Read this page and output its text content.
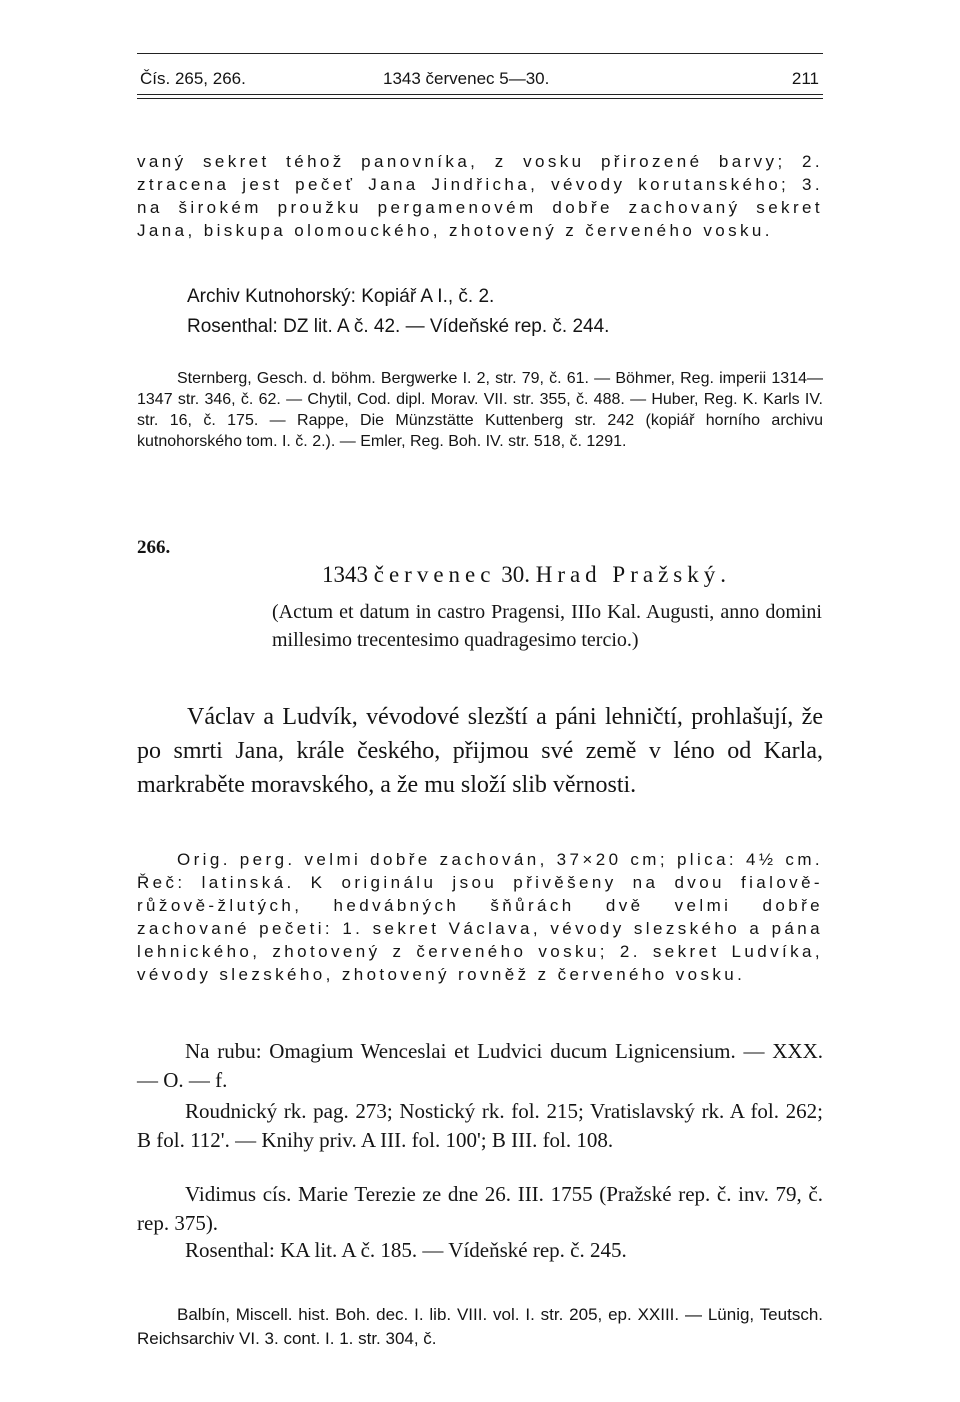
Čís. 265, 266.	1343 červenec 5—30.	211

vaný sekret téhož panovníka, z vosku přirozené barvy; 2. ztracena jest pečeť Jana Jindřicha, vévody korutanského; 3. na širokém proužku pergamenovém dobře zachovaný sekret Jana, biskupa olomouckého, zhotovený z červeného vosku.

Archiv Kutnohorský: Kopiář A I., č. 2.

Rosenthal: DZ lit. A č. 42. — Vídeňské rep. č. 244.

Sternberg, Gesch. d. böhm. Bergwerke I. 2, str. 79, č. 61. — Böhmer, Reg. imperii 1314—1347 str. 346, č. 62. — Chytil, Cod. dipl. Morav. VII. str. 355, č. 488. — Huber, Reg. K. Karls IV. str. 16, č. 175. — Rappe, Die Münzstätte Kuttenberg str. 242 (kopiář horního archivu kutnohorského tom. I. č. 2.). — Emler, Reg. Boh. IV. str. 518, č. 1291.

266.
1343 červenec 30. Hrad Pražský.

(Actum et datum in castro Pragensi, IIIo Kal. Augusti, anno domini millesimo trecentesimo quadragesimo tercio.)

Václav a Ludvík, vévodové slezští a páni lehničtí, prohlašují, že po smrti Jana, krále českého, přijmou své země v léno od Karla, markraběte moravského, a že mu složí slib věrnosti.

Orig. perg. velmi dobře zachován, 37×20 cm; plica: 4½ cm. Řeč: latinská. K originálu jsou přivěšeny na dvou fialově-růžově-žlutých, hedvábných šňůrách dvě velmi dobře zachované pečeti: 1. sekret Václava, vévody slezského a pána lehnického, zhotovený z červeného vosku; 2. sekret Ludvíka, vévody slezského, zhotovený rovněž z červeného vosku.

Na rubu: Omagium Wenceslai et Ludvici ducum Lignicensium. — XXX. — O. — f.

Roudnický rk. pag. 273; Nostický rk. fol. 215; Vratislavský rk. A fol. 262; B fol. 112'. — Knihy priv. A III. fol. 100'; B III. fol. 108.

Vidimus cís. Marie Terezie ze dne 26. III. 1755 (Pražské rep. č. inv. 79, č. rep. 375).

Rosenthal: KA lit. A č. 185. — Vídeňské rep. č. 245.

Balbín, Miscell. hist. Boh. dec. I. lib. VIII. vol. I. str. 205, ep. XXIII. — Lünig, Teutsch. Reichsarchiv VI. 3. cont. I. 1. str. 304, č.
